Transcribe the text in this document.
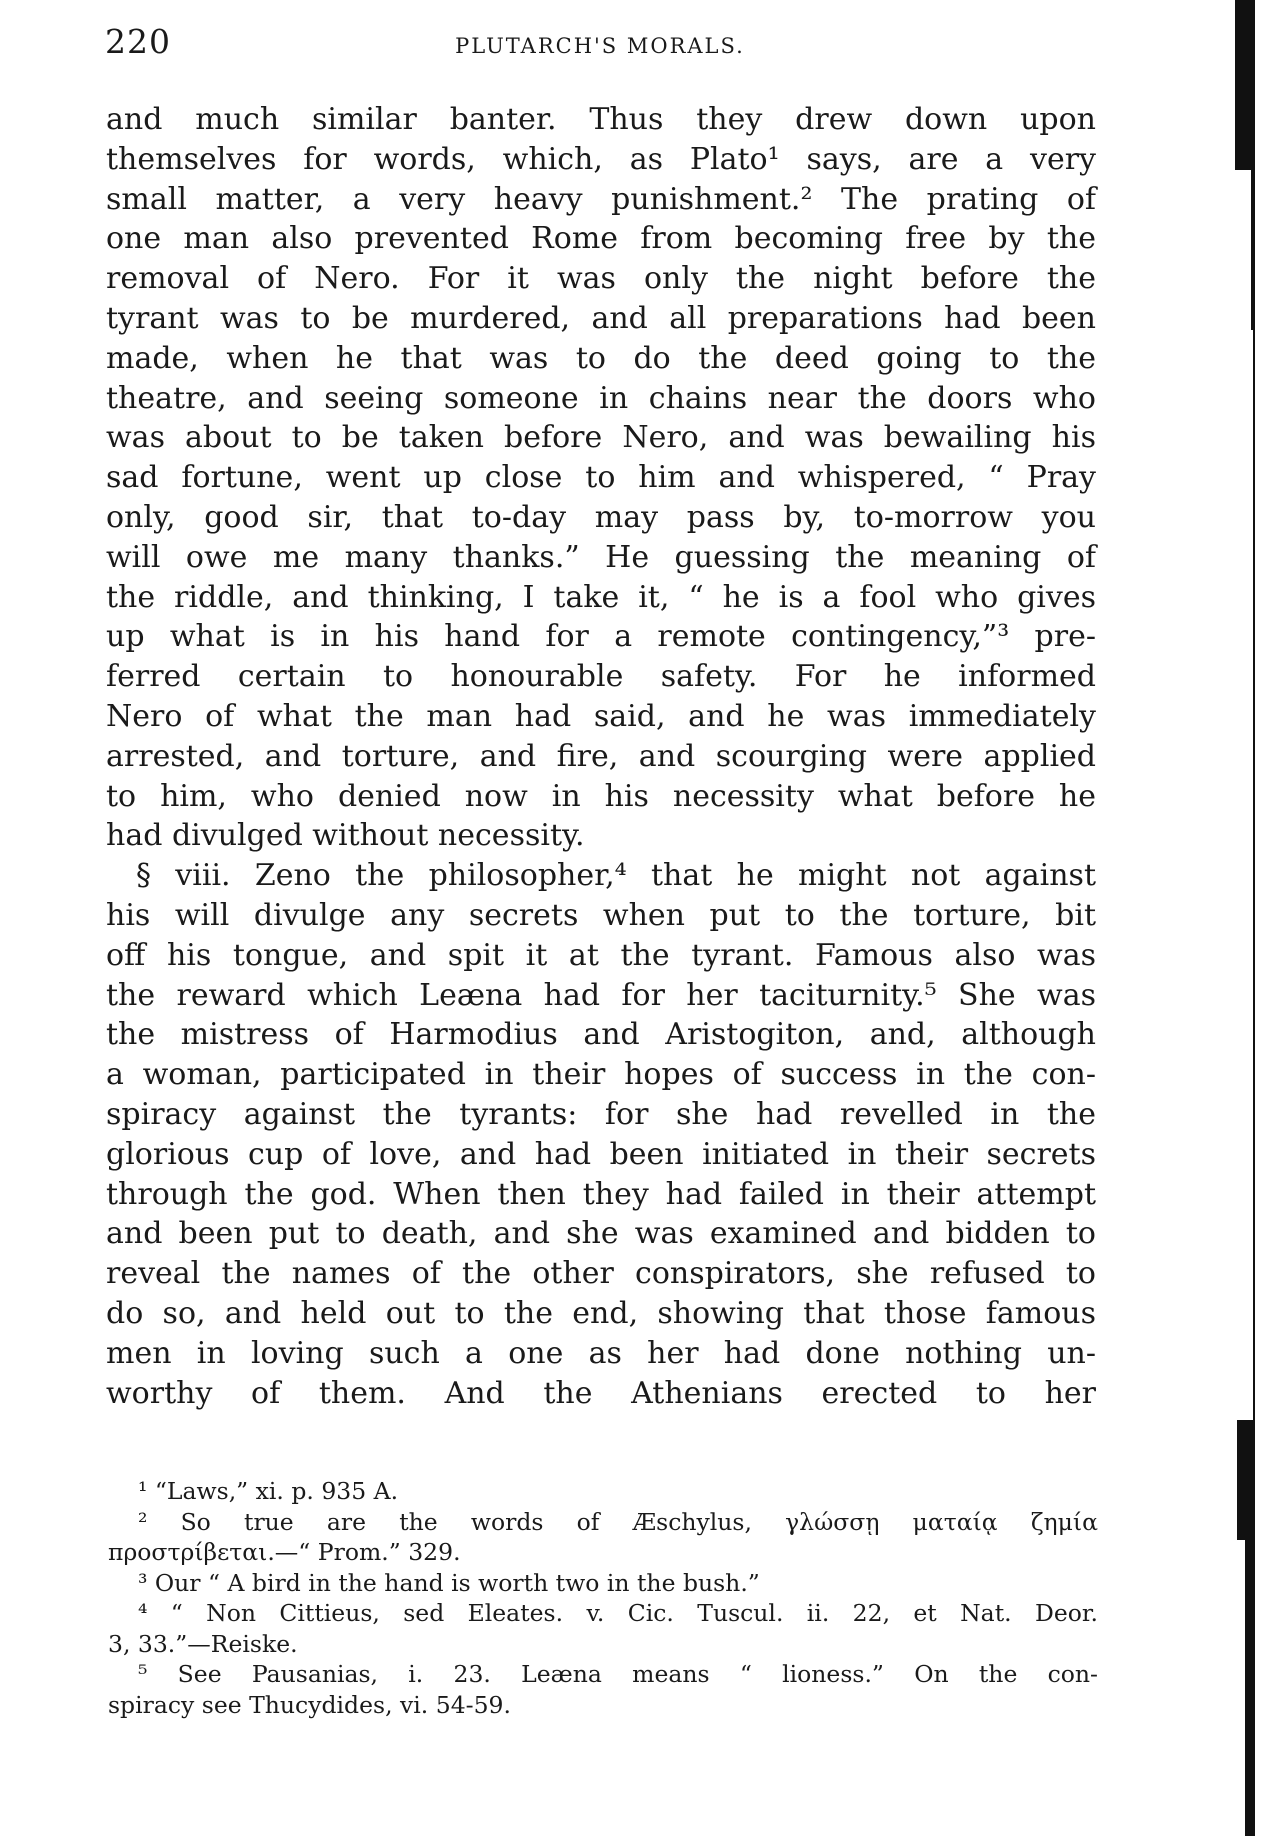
220	PLUTARCH'S MORALS.
and much similar banter. Thus they drew down upon
themselves for words, which, as Plato¹ says, are a very
small matter, a very heavy punishment.² The prating of
one man also prevented Rome from becoming free by the
removal of Nero. For it was only the night before the
tyrant was to be murdered, and all preparations had been
made, when he that was to do the deed going to the
theatre, and seeing someone in chains near the doors who
was about to be taken before Nero, and was bewailing his
sad fortune, went up close to him and whispered, “ Pray
only, good sir, that to-day may pass by, to-morrow you
will owe me many thanks.” He guessing the meaning of
the riddle, and thinking, I take it, “ he is a fool who gives
up what is in his hand for a remote contingency,”³ pre-
ferred certain to honourable safety. For he informed
Nero of what the man had said, and he was immediately
arrested, and torture, and fire, and scourging were applied
to him, who denied now in his necessity what before he
had divulged without necessity.
§ viii. Zeno the philosopher,⁴ that he might not against
his will divulge any secrets when put to the torture, bit
off his tongue, and spit it at the tyrant. Famous also was
the reward which Leæna had for her taciturnity.⁵ She was
the mistress of Harmodius and Aristogiton, and, although
a woman, participated in their hopes of success in the con-
spiracy against the tyrants: for she had revelled in the
glorious cup of love, and had been initiated in their secrets
through the god. When then they had failed in their attempt
and been put to death, and she was examined and bidden to
reveal the names of the other conspirators, she refused to
do so, and held out to the end, showing that those famous
men in loving such a one as her had done nothing un-
worthy of them. And the Athenians erected to her
¹ “Laws,” xi. p. 935 A.
² So true are the words of Æschylus, γλώσσῃ ματαίᾳ ζημία
προστρίβεται.—“ Prom.” 329.
³ Our “ A bird in the hand is worth two in the bush.”
⁴ “ Non Cittieus, sed Eleates. v. Cic. Tuscul. ii. 22, et Nat. Deor.
3, 33.”—Reiske.
⁵ See Pausanias, i. 23. Leæna means “ lioness.” On the con-
spiracy see Thucydides, vi. 54-59.
